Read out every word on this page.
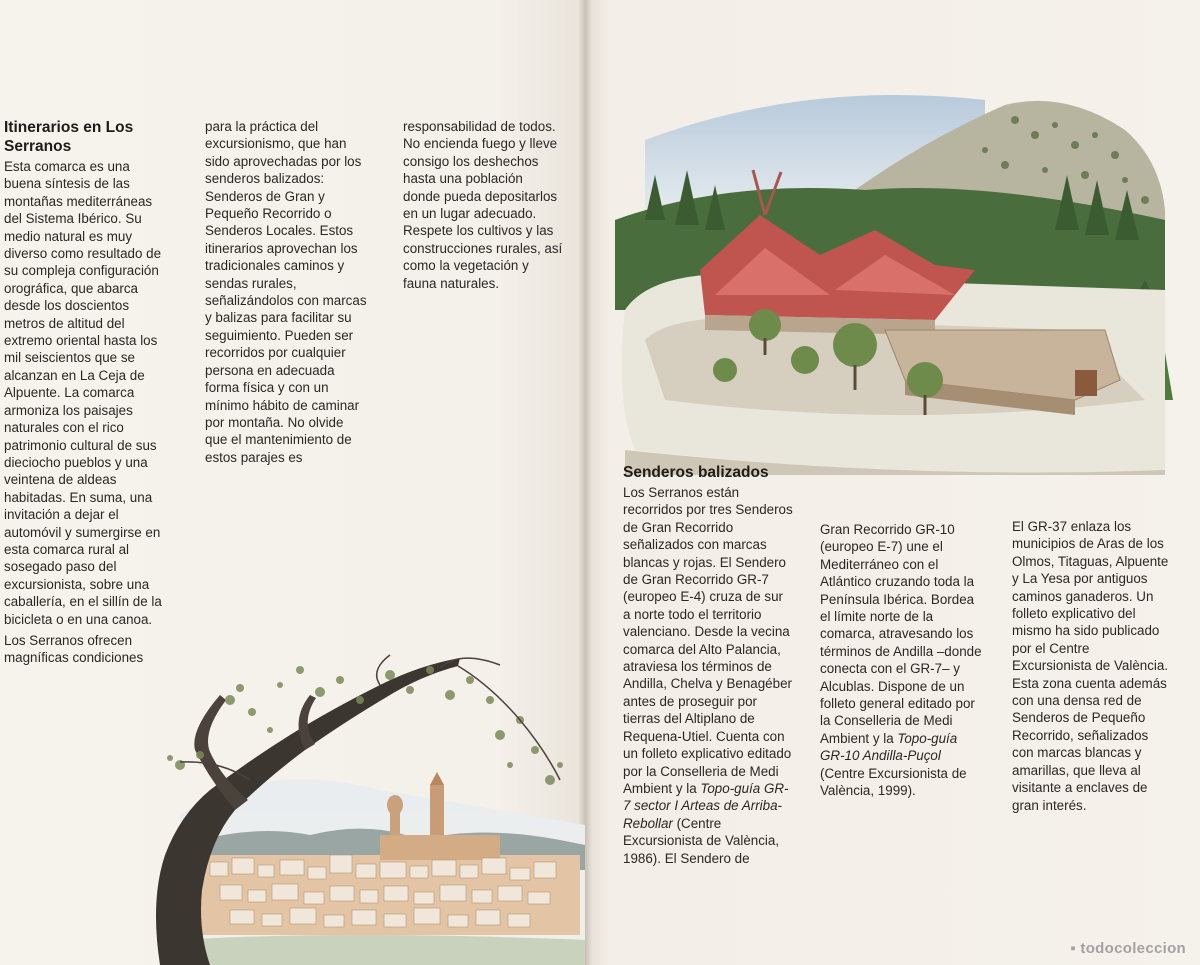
Itinerarios en Los Serranos

Esta comarca es una buena síntesis de las montañas mediterráneas del Sistema Ibérico. Su medio natural es muy diverso como resultado de su compleja configuración orográfica, que abarca desde los doscientos metros de altitud del extremo oriental hasta los mil seiscientos que se alcanzan en La Ceja de Alpuente. La comarca armoniza los paisajes naturales con el rico patrimonio cultural de sus dieciocho pueblos y una veintena de aldeas habitadas. En suma, una invitación a dejar el automóvil y sumergirse en esta comarca rural al sosegado paso del excursionista, sobre una caballería, en el sillín de la bicicleta o en una canoa.

Los Serranos ofrecen magníficas condiciones

para la práctica del excursionismo, que han sido aprovechadas por los senderos balizados: Senderos de Gran y Pequeño Recorrido o Senderos Locales. Estos itinerarios aprovechan los tradicionales caminos y sendas rurales, señalizándolos con marcas y balizas para facilitar su seguimiento. Pueden ser recorridos por cualquier persona en adecuada forma física y con un mínimo hábito de caminar por montaña. No olvide que el mantenimiento de estos parajes es

responsabilidad de todos. No encienda fuego y lleve consigo los deshechos hasta una población donde pueda depositarlos en un lugar adecuado. Respete los cultivos y las construcciones rurales, así como la vegetación y fauna naturales.

Senderos balizados

Los Serranos están recorridos por tres Senderos de Gran Recorrido señalizados con marcas blancas y rojas. El Sendero de Gran Recorrido GR-7 (europeo E-4) cruza de sur a norte todo el territorio valenciano. Desde la vecina comarca del Alto Palancia, atraviesa los términos de Andilla, Chelva y Benagéber antes de proseguir por tierras del Altiplano de Requena-Utiel. Cuenta con un folleto explicativo editado por la Conselleria de Medi Ambient y la Topo-guía GR-7 sector I Arteas de Arriba-Rebollar (Centre Excursionista de València, 1986). El Sendero de

Gran Recorrido GR-10 (europeo E-7) une el Mediterráneo con el Atlántico cruzando toda la Península Ibérica. Bordea el límite norte de la comarca, atravesando los términos de Andilla –donde conecta con el GR-7– y Alcublas. Dispone de un folleto general editado por la Conselleria de Medi Ambient y la Topo-guía GR-10 Andilla-Puçol (Centre Excursionista de València, 1999).

El GR-37 enlaza los municipios de Aras de los Olmos, Titaguas, Alpuente y La Yesa por antiguos caminos ganaderos. Un folleto explicativo del mismo ha sido publicado por el Centre Excursionista de València. Esta zona cuenta además con una densa red de Senderos de Pequeño Recorrido, señalizados con marcas blancas y amarillas, que lleva al visitante a enclaves de gran interés.

▪ todocoleccion
